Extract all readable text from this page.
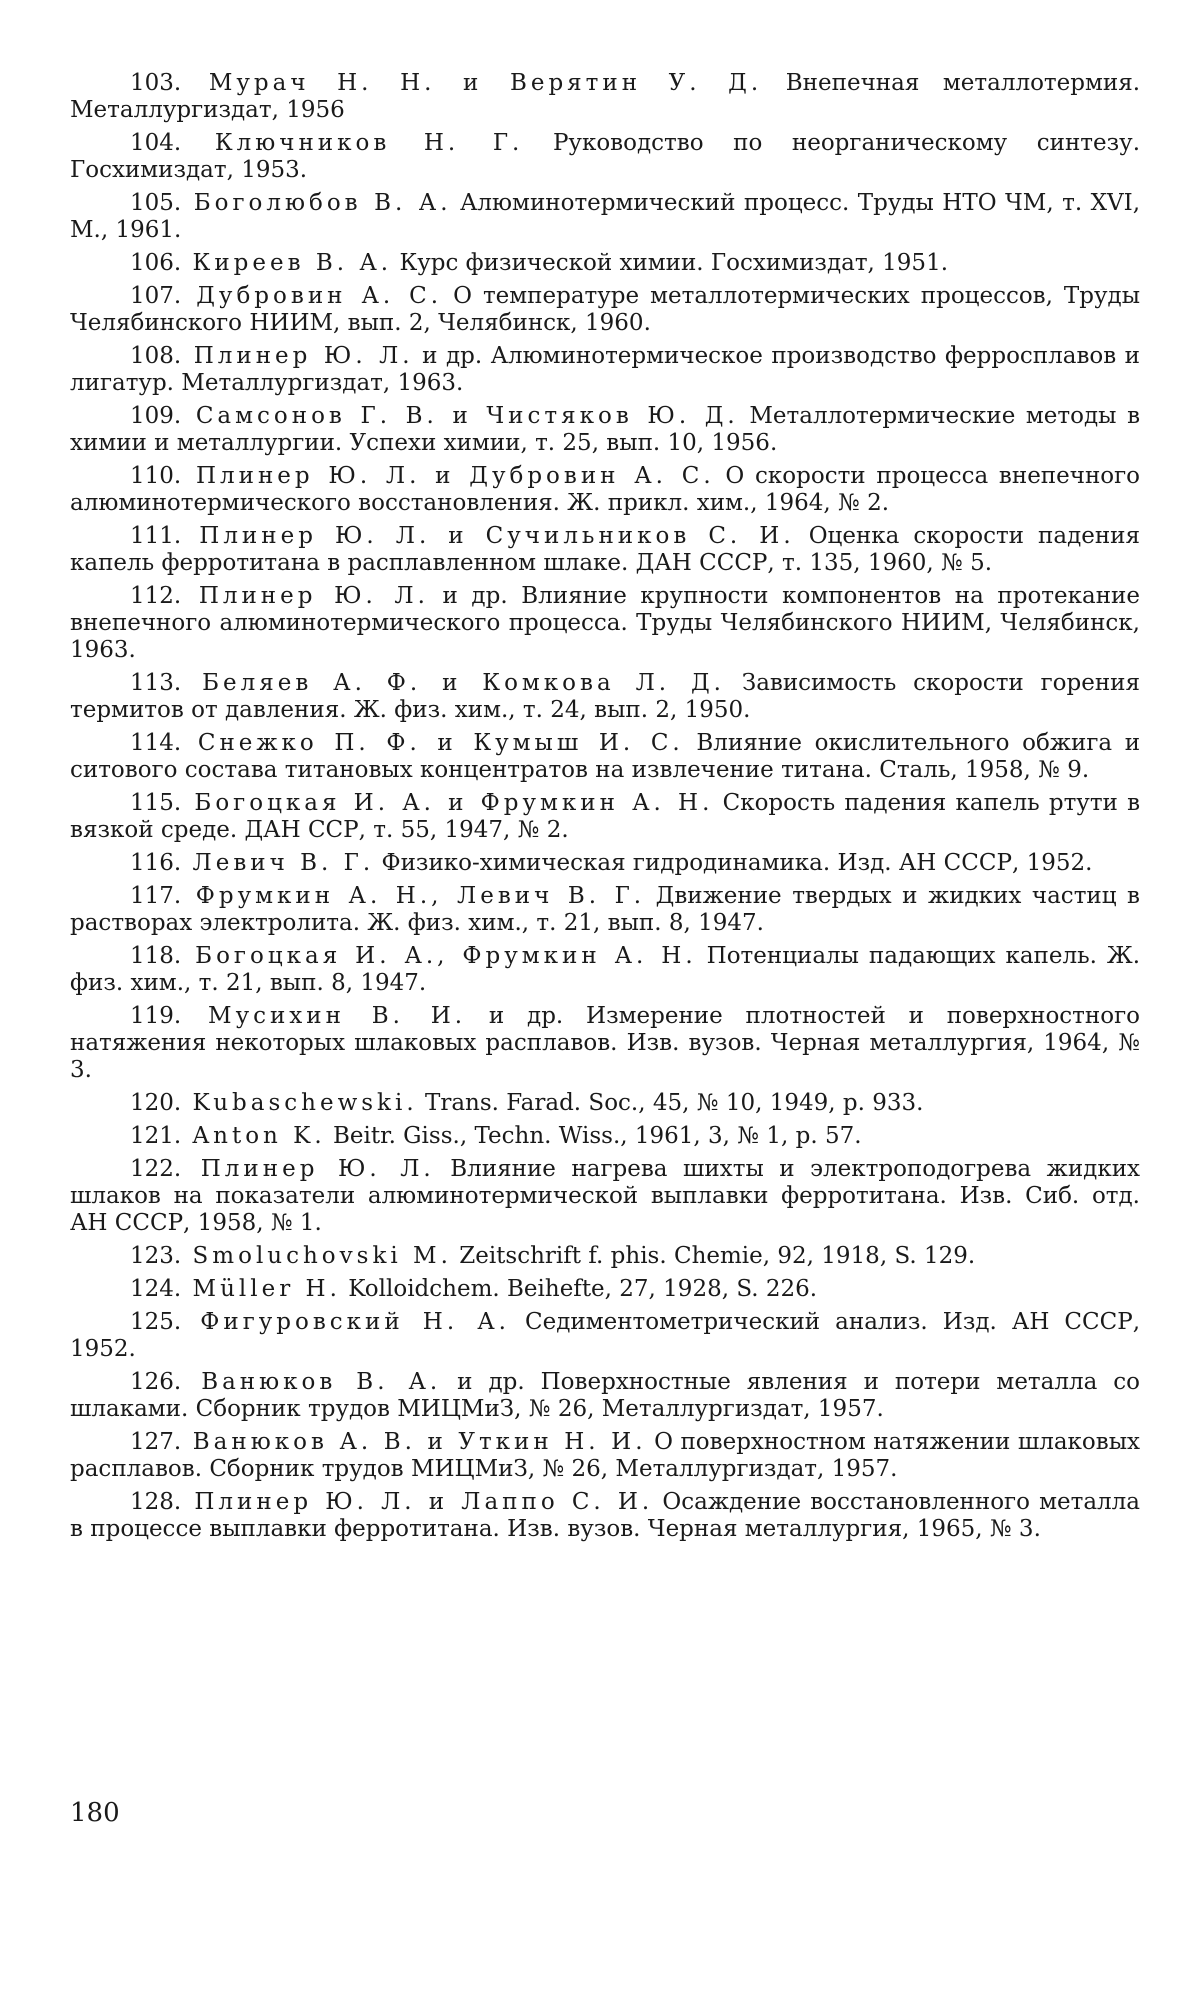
103. Мурач Н. Н. и Верятин У. Д. Внепечная металлотермия. Металлургиздат, 1956

104. Ключников Н. Г. Руководство по неорганическому синтезу. Госхимиздат, 1953.

105. Боголюбов В. А. Алюминотермический процесс. Труды НТО ЧМ, т. XVI, М., 1961.

106. Киреев В. А. Курс физической химии. Госхимиздат, 1951.

107. Дубровин А. С. О температуре металлотермических процессов, Труды Челябинского НИИМ, вып. 2, Челябинск, 1960.

108. Плинер Ю. Л. и др. Алюминотермическое производство ферросплавов и лигатур. Металлургиздат, 1963.

109. Самсонов Г. В. и Чистяков Ю. Д. Металлотермические методы в химии и металлургии. Успехи химии, т. 25, вып. 10, 1956.

110. Плинер Ю. Л. и Дубровин А. С. О скорости процесса внепечного алюминотермического восстановления. Ж. прикл. хим., 1964, № 2.

111. Плинер Ю. Л. и Сучильников С. И. Оценка скорости падения капель ферротитана в расплавленном шлаке. ДАН СССР, т. 135, 1960, № 5.

112. Плинер Ю. Л. и др. Влияние крупности компонентов на протекание внепечного алюминотермического процесса. Труды Челябинского НИИМ, Челябинск, 1963.

113. Беляев А. Ф. и Комкова Л. Д. Зависимость скорости горения термитов от давления. Ж. физ. хим., т. 24, вып. 2, 1950.

114. Снежко П. Ф. и Кумыш И. С. Влияние окислительного обжига и ситового состава титановых концентратов на извлечение титана. Сталь, 1958, № 9.

115. Богоцкая И. А. и Фрумкин А. Н. Скорость падения капель ртути в вязкой среде. ДАН ССР, т. 55, 1947, № 2.

116. Левич В. Г. Физико-химическая гидродинамика. Изд. АН СССР, 1952.

117. Фрумкин А. Н., Левич В. Г. Движение твердых и жидких частиц в растворах электролита. Ж. физ. хим., т. 21, вып. 8, 1947.

118. Богоцкая И. А., Фрумкин А. Н. Потенциалы падающих капель. Ж. физ. хим., т. 21, вып. 8, 1947.

119. Мусихин В. И. и др. Измерение плотностей и поверхностного натяжения некоторых шлаковых расплавов. Изв. вузов. Черная металлургия, 1964, № 3.

120. Kubaschewski. Trans. Farad. Soc., 45, № 10, 1949, p. 933.

121. Anton K. Beitr. Giss., Techn. Wiss., 1961, 3, № 1, p. 57.

122. Плинер Ю. Л. Влияние нагрева шихты и электроподогрева жидких шлаков на показатели алюминотермической выплавки ферротитана. Изв. Сиб. отд. АН СССР, 1958, № 1.

123. Smoluchovski M. Zeitschrift f. phis. Chemie, 92, 1918, S. 129.

124. Müller H. Kolloidchem. Beihefte, 27, 1928, S. 226.

125. Фигуровский Н. А. Седиментометрический анализ. Изд. АН СССР, 1952.

126. Ванюков В. А. и др. Поверхностные явления и потери металла со шлаками. Сборник трудов МИЦМиЗ, № 26, Металлургиздат, 1957.

127. Ванюков А. В. и Уткин Н. И. О поверхностном натяжении шлаковых расплавов. Сборник трудов МИЦМиЗ, № 26, Металлургиздат, 1957.

128. Плинер Ю. Л. и Лаппо С. И. Осаждение восстановленного металла в процессе выплавки ферротитана. Изв. вузов. Черная металлургия, 1965, № 3.

180
